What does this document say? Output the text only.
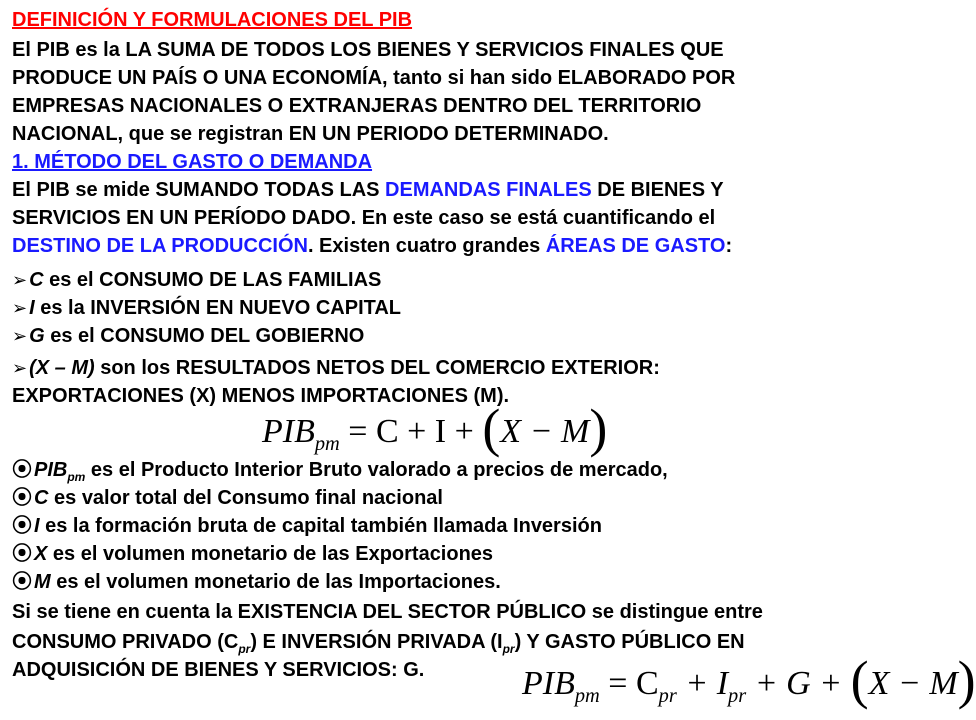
DEFINICIÓN Y FORMULACIONES DEL PIB
El PIB es la LA SUMA DE TODOS LOS BIENES Y SERVICIOS FINALES QUE
PRODUCE UN PAÍS O UNA ECONOMÍA, tanto si han sido ELABORADO POR
EMPRESAS NACIONALES O EXTRANJERAS DENTRO DEL TERRITORIO
NACIONAL, que se registran EN UN PERIODO DETERMINADO.
1. MÉTODO DEL GASTO O DEMANDA
El PIB se mide SUMANDO TODAS LAS DEMANDAS FINALES DE BIENES Y
SERVICIOS EN UN PERÍODO DADO. En este caso se está cuantificando el
DESTINO DE LA PRODUCCIÓN. Existen cuatro grandes ÁREAS DE GASTO:
➢ C es el CONSUMO DE LAS FAMILIAS
➢ I es la INVERSIÓN EN NUEVO CAPITAL
➢ G es el CONSUMO DEL GOBIERNO
➢ (X – M) son los RESULTADOS NETOS DEL COMERCIO EXTERIOR:
EXPORTACIONES (X) MENOS IMPORTACIONES (M).
$PIB_{pm} = C + I + (X - M)$
⦿ $PIB_{pm}$ es el Producto Interior Bruto valorado a precios de mercado,
⦿ C es valor total del Consumo final nacional
⦿ I es la formación bruta de capital también llamada Inversión
⦿ X es el volumen monetario de las Exportaciones
⦿ M es el volumen monetario de las Importaciones.
Si se tiene en cuenta la EXISTENCIA DEL SECTOR PÚBLICO se distingue entre
CONSUMO PRIVADO $(C_{pr})$ E INVERSIÓN PRIVADA $(I_{pr})$ Y GASTO PÚBLICO EN
ADQUISICIÓN DE BIENES Y SERVICIOS: G.	$PIB_{pm} = C_{pr} + I_{pr} + G + (X - M)$
